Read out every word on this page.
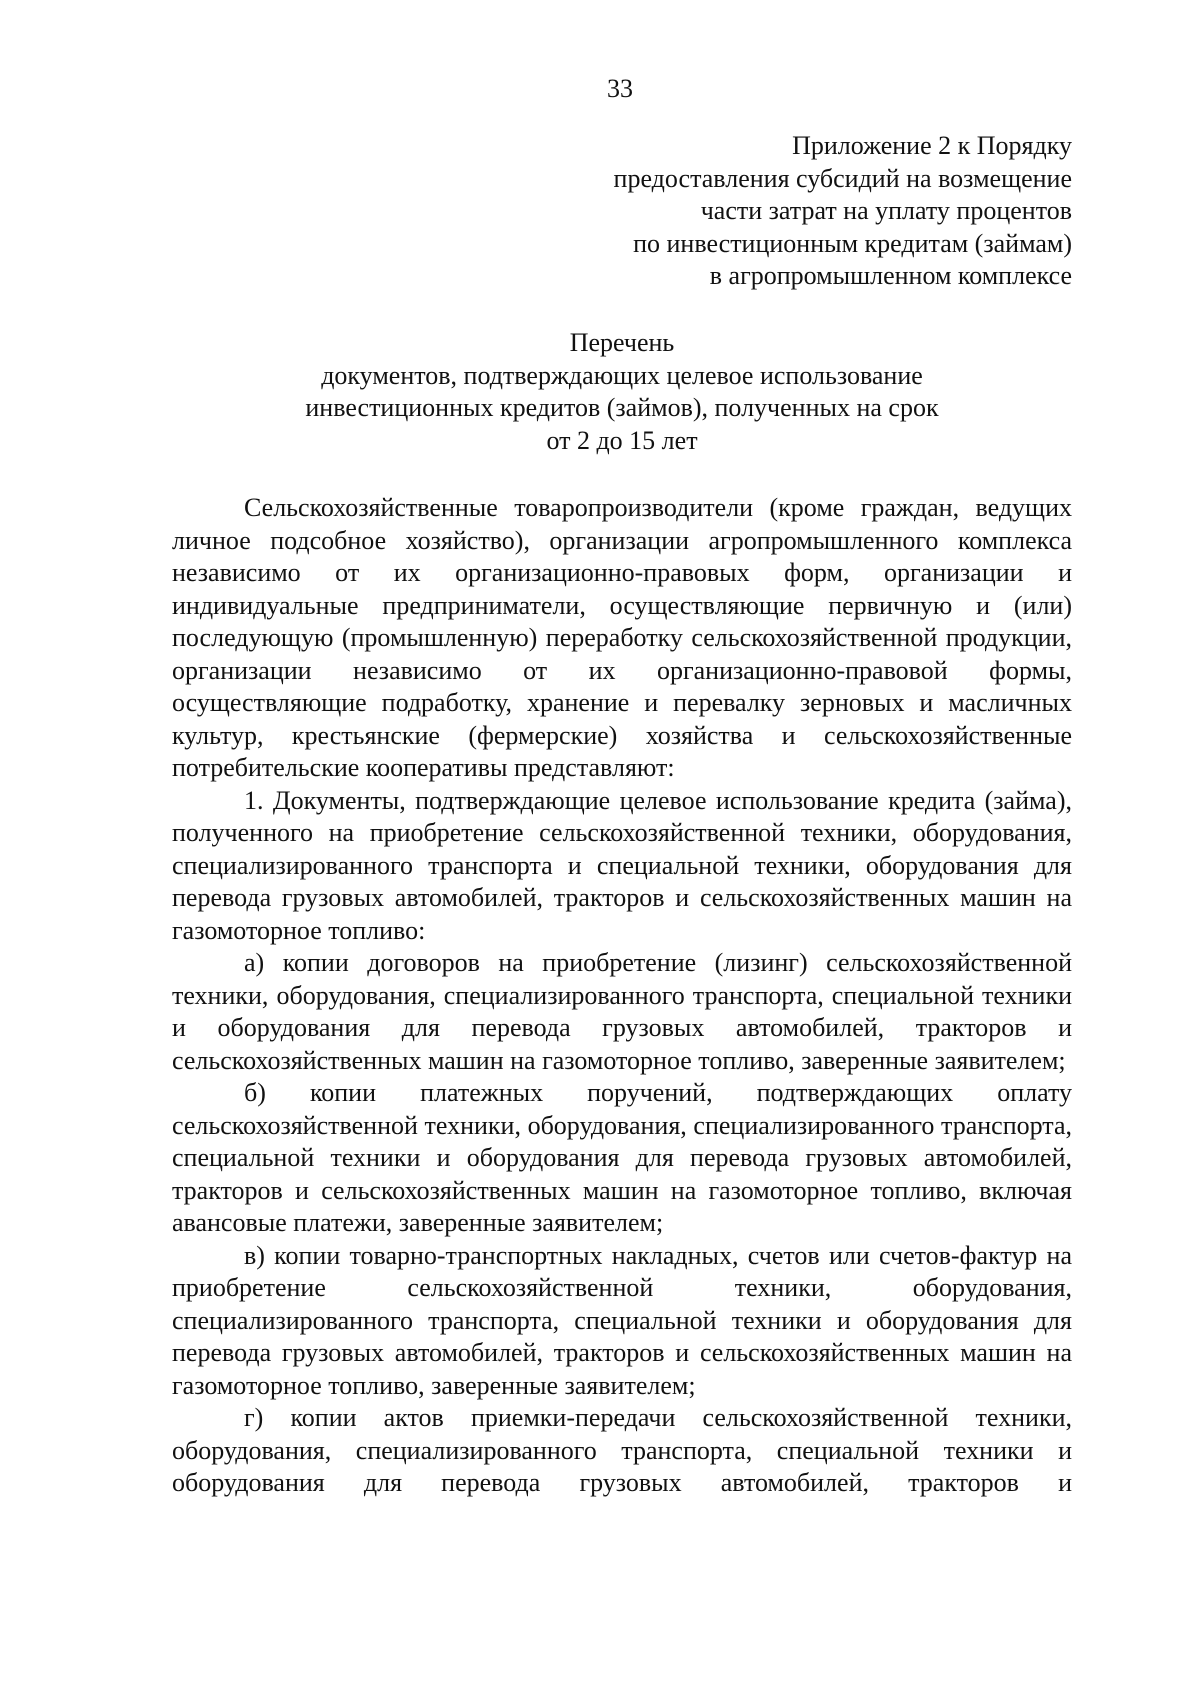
33
Приложение 2 к Порядку
предоставления субсидий на возмещение
части затрат на уплату процентов
по инвестиционным кредитам (займам)
в агропромышленном комплексе
Перечень
документов, подтверждающих целевое использование
инвестиционных кредитов (займов), полученных на срок
от 2 до 15 лет

Сельскохозяйственные товаропроизводители (кроме граждан, ведущих личное подсобное хозяйство), организации агропромышленного комплекса независимо от их организационно-правовых форм, организации и индивидуальные предприниматели, осуществляющие первичную и (или) последующую (промышленную) переработку сельскохозяйственной продукции, организации независимо от их организационно-правовой формы, осуществляющие подработку, хранение и перевалку зерновых и масличных культур, крестьянские (фермерские) хозяйства и сельскохозяйственные потребительские кооперативы представляют:

1. Документы, подтверждающие целевое использование кредита (займа), полученного на приобретение сельскохозяйственной техники, оборудования, специализированного транспорта и специальной техники, оборудования для перевода грузовых автомобилей, тракторов и сельскохозяйственных машин на газомоторное топливо:

а) копии договоров на приобретение (лизинг) сельскохозяйственной техники, оборудования, специализированного транспорта, специальной техники и оборудования для перевода грузовых автомобилей, тракторов и сельскохозяйственных машин на газомоторное топливо, заверенные заявителем;

б) копии платежных поручений, подтверждающих оплату сельскохозяйственной техники, оборудования, специализированного транспорта, специальной техники и оборудования для перевода грузовых автомобилей, тракторов и сельскохозяйственных машин на газомоторное топливо, включая авансовые платежи, заверенные заявителем;

в) копии товарно-транспортных накладных, счетов или счетов-фактур на приобретение сельскохозяйственной техники, оборудования, специализированного транспорта, специальной техники и оборудования для перевода грузовых автомобилей, тракторов и сельскохозяйственных машин на газомоторное топливо, заверенные заявителем;

г) копии актов приемки-передачи сельскохозяйственной техники, оборудования, специализированного транспорта, специальной техники и оборудования для перевода грузовых автомобилей, тракторов и
